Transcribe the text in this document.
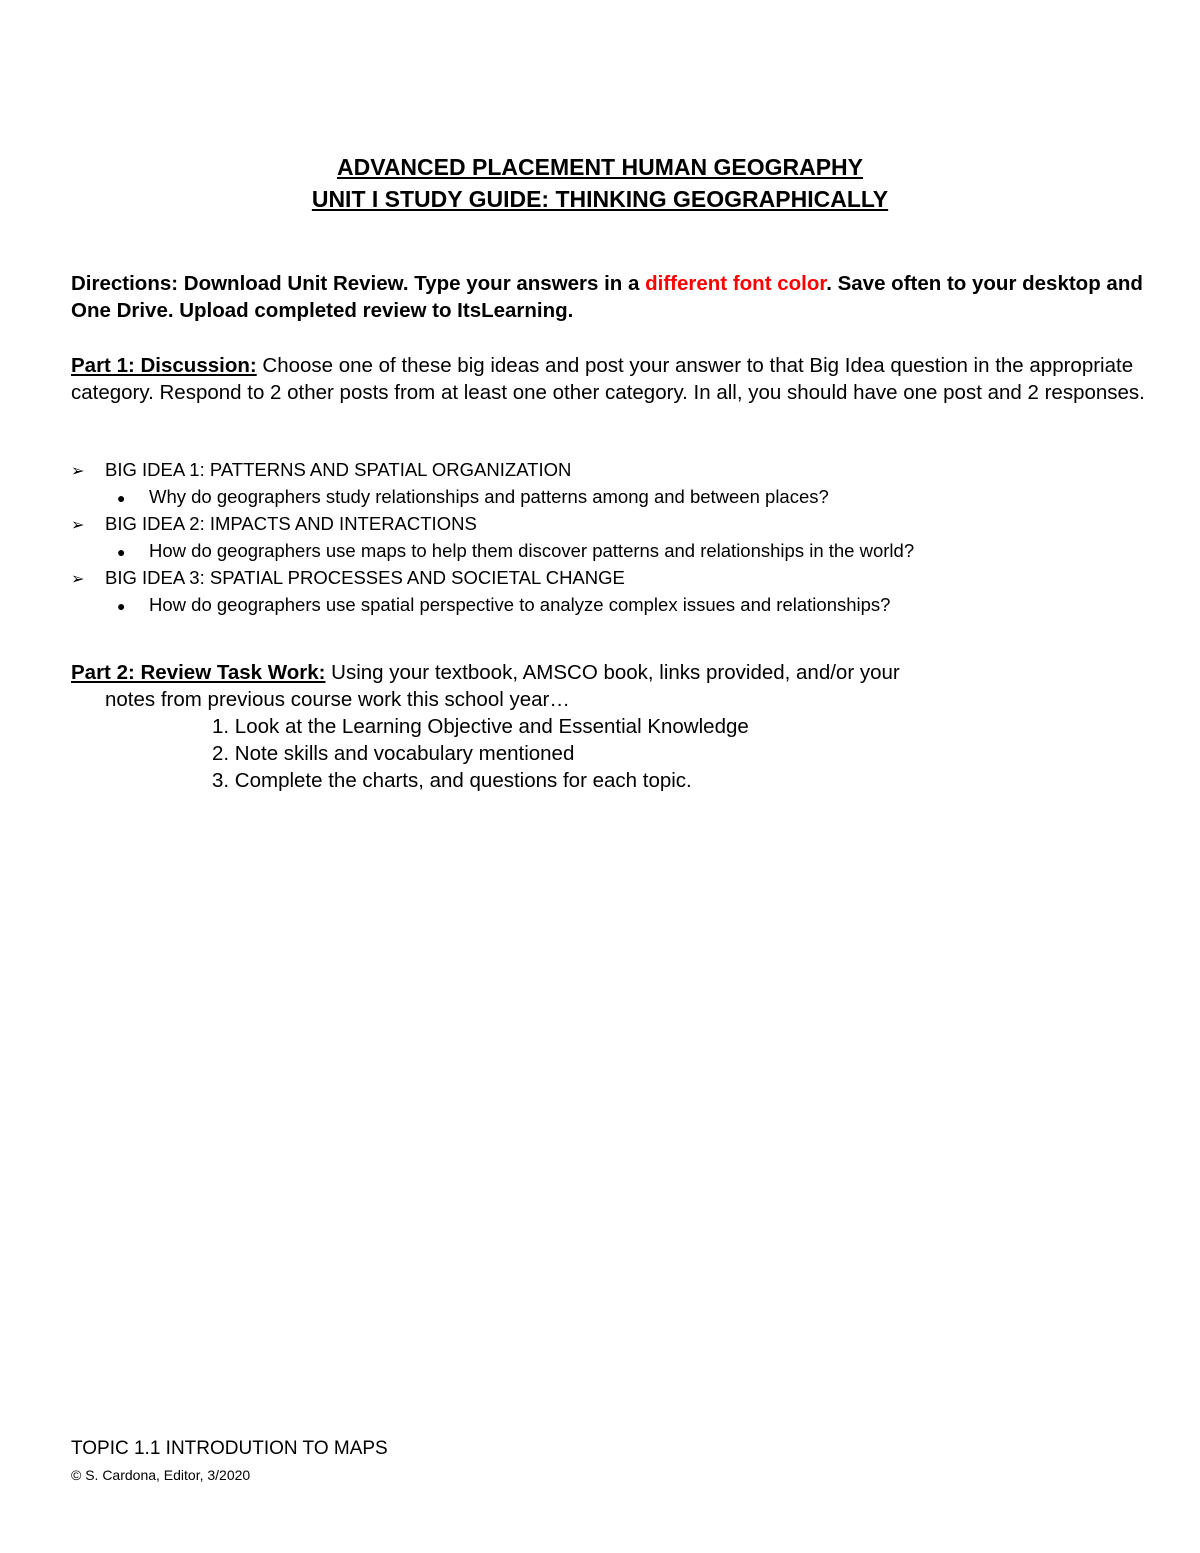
ADVANCED PLACEMENT HUMAN GEOGRAPHY
UNIT I STUDY GUIDE: THINKING GEOGRAPHICALLY
Directions: Download Unit Review. Type your answers in a different font color. Save often to your desktop and One Drive. Upload completed review to ItsLearning.
Part 1: Discussion: Choose one of these big ideas and post your answer to that Big Idea question in the appropriate category. Respond to 2 other posts from at least one other category. In all, you should have one post and 2 responses.
➢	BIG IDEA 1: PATTERNS AND SPATIAL ORGANIZATION
●	Why do geographers study relationships and patterns among and between places?
➢	BIG IDEA 2: IMPACTS AND INTERACTIONS
●	How do geographers use maps to help them discover patterns and relationships in the world?
➢	BIG IDEA 3: SPATIAL PROCESSES AND SOCIETAL CHANGE
●	How do geographers use spatial perspective to analyze complex issues and relationships?
Part 2: Review Task Work: Using your textbook, AMSCO book, links provided, and/or your
notes from previous course work this school year…
1. Look at the Learning Objective and Essential Knowledge
2. Note skills and vocabulary mentioned
3. Complete the charts, and questions for each topic.
TOPIC 1.1 INTRODUTION TO MAPS
© S. Cardona, Editor, 3/2020
